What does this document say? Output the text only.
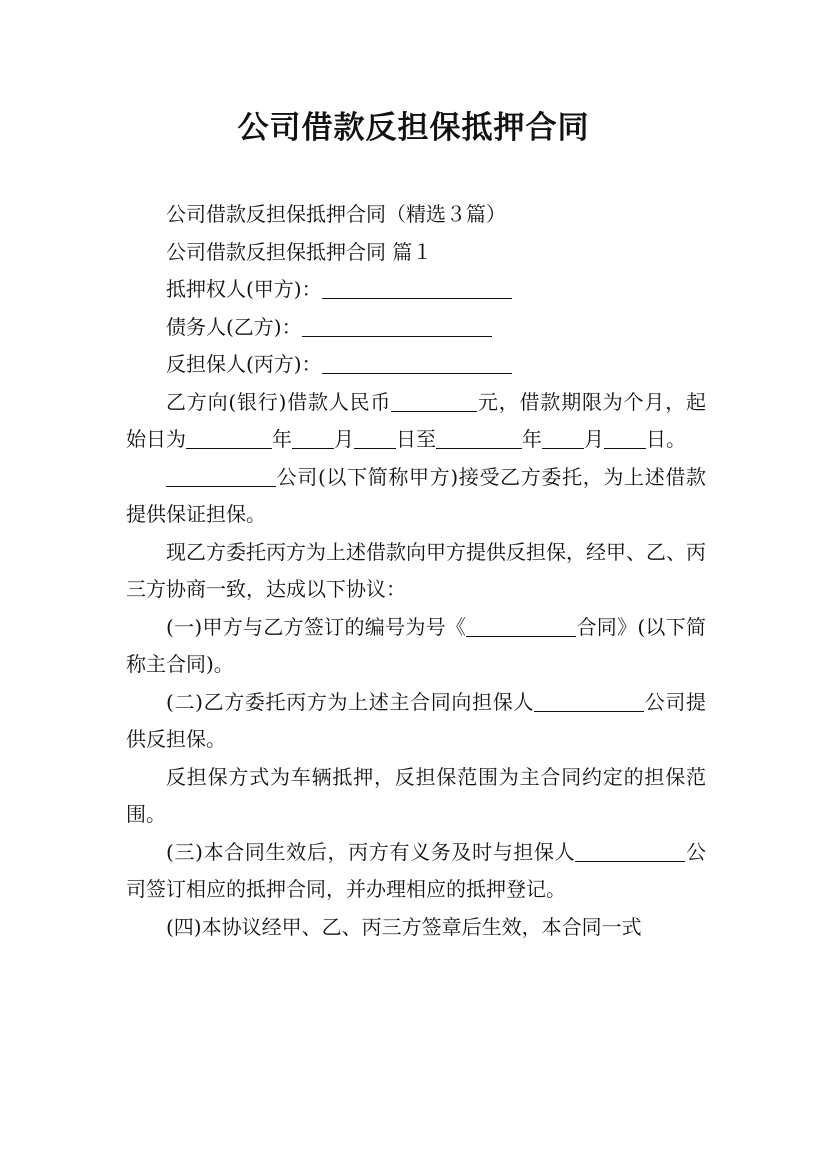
公司借款反担保抵押合同

公司借款反担保抵押合同（精选３篇）

公司借款反担保抵押合同 篇１

抵押权人(甲方)：

债务人(乙方)：

反担保人(丙方)：

乙方向(银行)借款人民币	元，借款期限为个月，起始日为	年 月 日至	年 月 日。

公司(以下简称甲方)接受乙方委托，为上述借款提供保证担保。

现乙方委托丙方为上述借款向甲方提供反担保，经甲、乙、丙三方协商一致，达成以下协议：

(一)甲方与乙方签订的编号为号《	合同》(以下简称主合同)。

(二)乙方委托丙方为上述主合同向担保人	公司提供反担保。

反担保方式为车辆抵押，反担保范围为主合同约定的担保范围。

(三)本合同生效后，丙方有义务及时与担保人	公司签订相应的抵押合同，并办理相应的抵押登记。

(四)本协议经甲、乙、丙三方签章后生效，本合同一式
